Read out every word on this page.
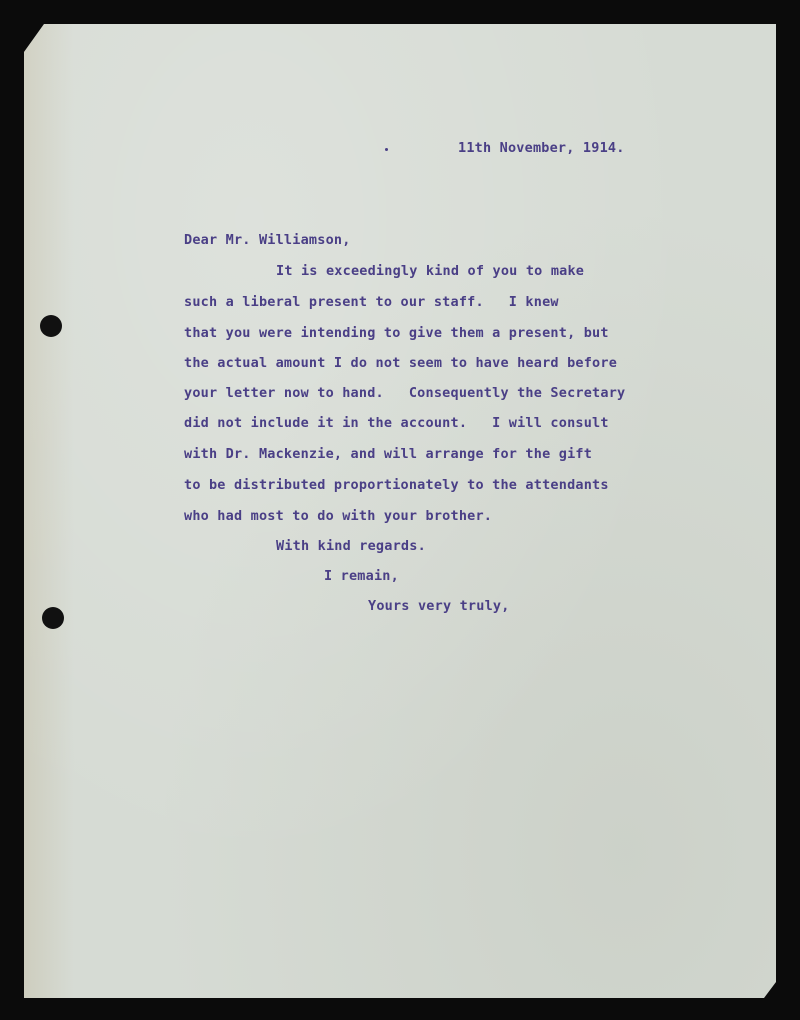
11th November, 1914.
Dear Mr. Williamson,
It is exceedingly kind of you to make
such a liberal present to our staff.   I knew
that you were intending to give them a present, but
the actual amount I do not seem to have heard before
your letter now to hand.   Consequently the Secretary
did not include it in the account.   I will consult
with Dr. Mackenzie, and will arrange for the gift
to be distributed proportionately to the attendants
who had most to do with your brother.
With kind regards.
I remain,
Yours very truly,
